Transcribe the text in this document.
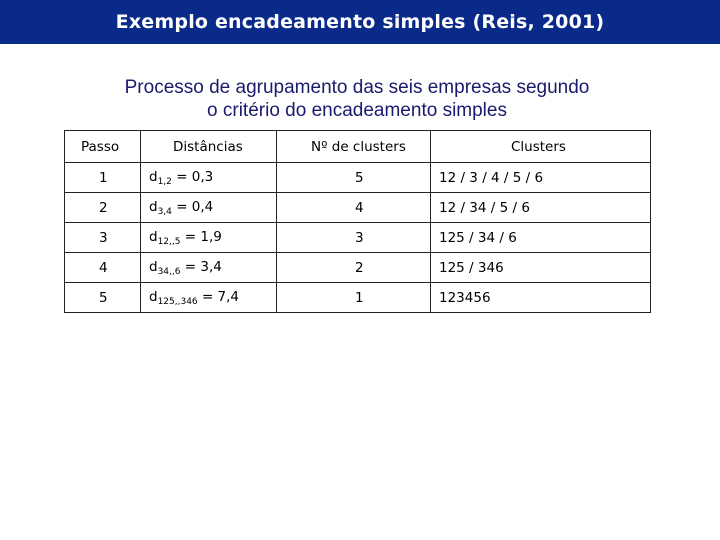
Exemplo encadeamento simples (Reis, 2001)
Processo de agrupamento das seis empresas segundo
o critério do encadeamento simples
Passo	Distâncias	Nº de clusters	Clusters
1	$d_{1,2} = 0,3$	5	12 / 3 / 4 / 5 / 6
2	$d_{3,4} = 0,4$	4	12 / 34 / 5 / 6
3	$d_{12,,5} = 1,9$	3	125 / 34 / 6
4	$d_{34,,6} = 3,4$	2	125 / 346
5	$d_{125,,346} = 7,4$	1	123456
